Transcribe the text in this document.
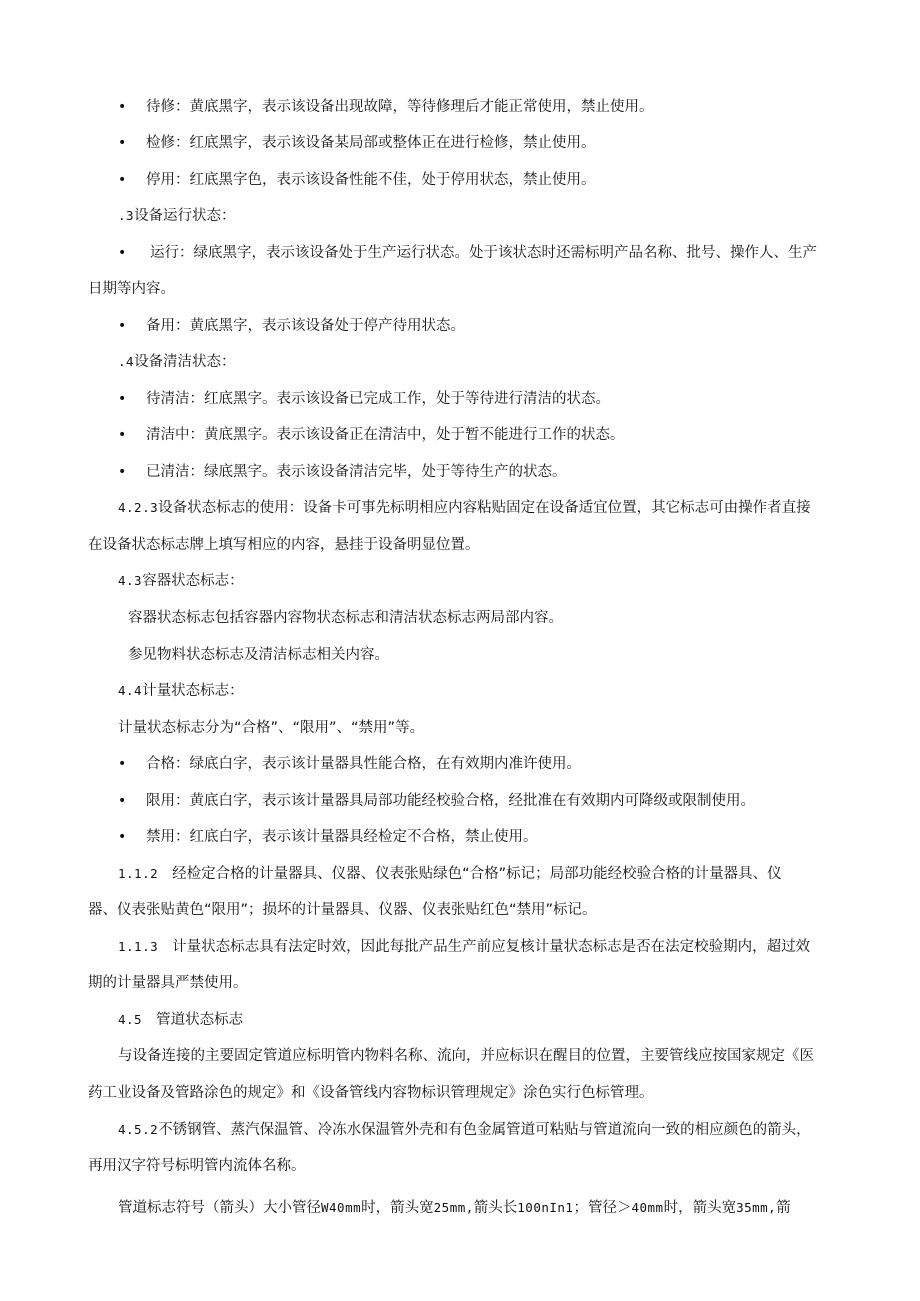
• 待修：黄底黑字，表示该设备出现故障，等待修理后才能正常使用，禁止使用。
• 检修：红底黑字，表示该设备某局部或整体正在进行检修，禁止使用。
• 停用：红底黑字色，表示该设备性能不佳，处于停用状态，禁止使用。
.3设备运行状态：
• 运行：绿底黑字，表示该设备处于生产运行状态。处于该状态时还需标明产品名称、批号、操作人、生产
日期等内容。
• 备用：黄底黑字，表示该设备处于停产待用状态。
.4设备清洁状态：
• 待清洁：红底黑字。表示该设备已完成工作，处于等待进行清洁的状态。
• 清洁中：黄底黑字。表示该设备正在清洁中，处于暂不能进行工作的状态。
• 已清洁：绿底黑字。表示该设备清洁完毕，处于等待生产的状态。
4.2.3设备状态标志的使用：设备卡可事先标明相应内容粘贴固定在设备适宜位置，其它标志可由操作者直接
在设备状态标志牌上填写相应的内容，悬挂于设备明显位置。
4.3容器状态标志：
容器状态标志包括容器内容物状态标志和清洁状态标志两局部内容。
参见物料状态标志及清洁标志相关内容。
4.4计量状态标志：
计量状态标志分为“合格”、“限用”、“禁用”等。
• 合格：绿底白字，表示该计量器具性能合格，在有效期内准许使用。
• 限用：黄底白字，表示该计量器具局部功能经校验合格，经批准在有效期内可降级或限制使用。
• 禁用：红底白字，表示该计量器具经检定不合格，禁止使用。
1.1.2 经检定合格的计量器具、仪器、仪表张贴绿色“合格”标记；局部功能经校验合格的计量器具、仪
器、仪表张贴黄色“限用”；损坏的计量器具、仪器、仪表张贴红色“禁用”标记。
1.1.3 计量状态标志具有法定时效，因此每批产品生产前应复核计量状态标志是否在法定校验期内，超过效
期的计量器具严禁使用。
4.5 管道状态标志
与设备连接的主要固定管道应标明管内物料名称、流向，并应标识在醒目的位置，主要管线应按国家规定《医
药工业设备及管路涂色的规定》和《设备管线内容物标识管理规定》涂色实行色标管理。
4.5.2不锈钢管、蒸汽保温管、冷冻水保温管外壳和有色金属管道可粘贴与管道流向一致的相应颜色的箭头，
再用汉字符号标明管内流体名称。
管道标志符号（箭头）大小管径W40mm时，箭头宽25mm,箭头长100nIn1；管径＞40mm时，箭头宽35mm,箭
